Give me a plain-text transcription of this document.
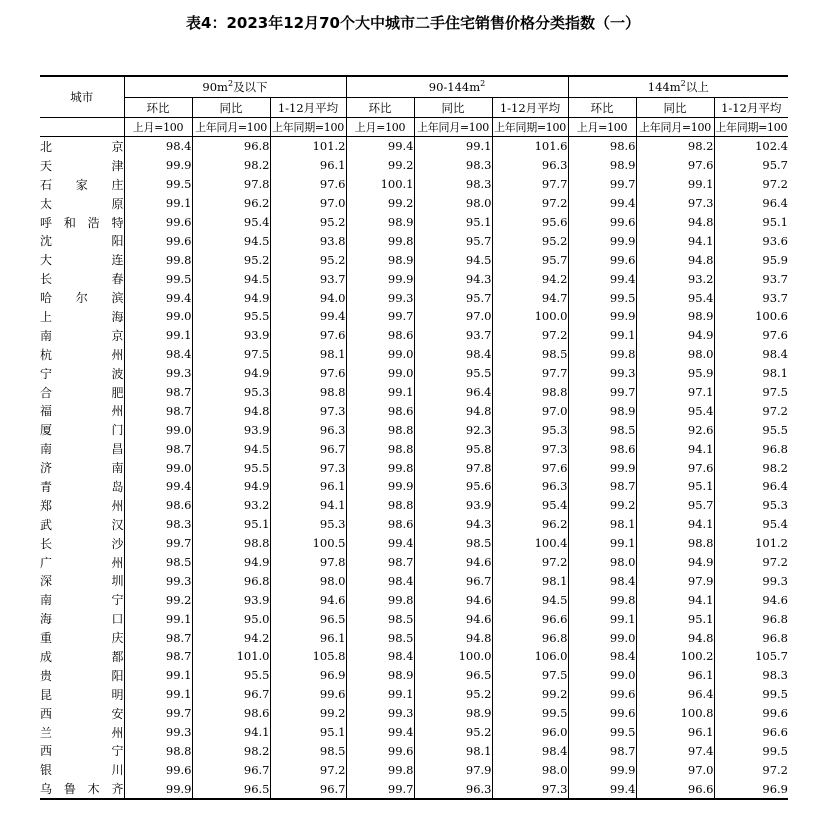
表4：2023年12月70个大中城市二手住宅销售价格分类指数（一）
城市	$90m^2$及以下			$90-144m^2$			$144m^2$以上		
	环比	同比	1-12月平均	环比	同比	1-12月平均	环比	同比	1-12月平均
	上月=100	上年同月=100	上年同期=100	上月=100	上年同月=100	上年同期=100	上月=100	上年同月=100	上年同期=100
北京	98.4	96.8	101.2	99.4	99.1	101.6	98.6	98.2	102.4
天津	99.9	98.2	96.1	99.2	98.3	96.3	98.9	97.6	95.7
石家庄	99.5	97.8	97.6	100.1	98.3	97.7	99.7	99.1	97.2
太原	99.1	96.2	97.0	99.2	98.0	97.2	99.4	97.3	96.4
呼和浩特	99.6	95.4	95.2	98.9	95.1	95.6	99.6	94.8	95.1
沈阳	99.6	94.5	93.8	99.8	95.7	95.2	99.9	94.1	93.6
大连	99.8	95.2	95.2	98.9	94.5	95.7	99.6	94.8	95.9
长春	99.5	94.5	93.7	99.9	94.3	94.2	99.4	93.2	93.7
哈尔滨	99.4	94.9	94.0	99.3	95.7	94.7	99.5	95.4	93.7
上海	99.0	95.5	99.4	99.7	97.0	100.0	99.9	98.9	100.6
南京	99.1	93.9	97.6	98.6	93.7	97.2	99.1	94.9	97.6
杭州	98.4	97.5	98.1	99.0	98.4	98.5	99.8	98.0	98.4
宁波	99.3	94.9	97.6	99.0	95.5	97.7	99.3	95.9	98.1
合肥	98.7	95.3	98.8	99.1	96.4	98.8	99.7	97.1	97.5
福州	98.7	94.8	97.3	98.6	94.8	97.0	98.9	95.4	97.2
厦门	99.0	93.9	96.3	98.8	92.3	95.3	98.5	92.6	95.5
南昌	98.7	94.5	96.7	98.8	95.8	97.3	98.6	94.1	96.8
济南	99.0	95.5	97.3	99.8	97.8	97.6	99.9	97.6	98.2
青岛	99.4	94.9	96.1	99.9	95.6	96.3	98.7	95.1	96.4
郑州	98.6	93.2	94.1	98.8	93.9	95.4	99.2	95.7	95.3
武汉	98.3	95.1	95.3	98.6	94.3	96.2	98.1	94.1	95.4
长沙	99.7	98.8	100.5	99.4	98.5	100.4	99.1	98.8	101.2
广州	98.5	94.9	97.8	98.7	94.6	97.2	98.0	94.9	97.2
深圳	99.3	96.8	98.0	98.4	96.7	98.1	98.4	97.9	99.3
南宁	99.2	93.9	94.6	99.8	94.6	94.5	99.8	94.1	94.6
海口	99.1	95.0	96.5	98.5	94.6	96.6	99.1	95.1	96.8
重庆	98.7	94.2	96.1	98.5	94.8	96.8	99.0	94.8	96.8
成都	98.7	101.0	105.8	98.4	100.0	106.0	98.4	100.2	105.7
贵阳	99.1	95.5	96.9	98.9	96.5	97.5	99.0	96.1	98.3
昆明	99.1	96.7	99.6	99.1	95.2	99.2	99.6	96.4	99.5
西安	99.7	98.6	99.2	99.3	98.9	99.5	99.6	100.8	99.6
兰州	99.3	94.1	95.1	99.4	95.2	96.0	99.5	96.1	96.6
西宁	98.8	98.2	98.5	99.6	98.1	98.4	98.7	97.4	99.5
银川	99.6	96.7	97.2	99.8	97.9	98.0	99.9	97.0	97.2
乌鲁木齐	99.9	96.5	96.7	99.7	96.3	97.3	99.4	96.6	96.9
